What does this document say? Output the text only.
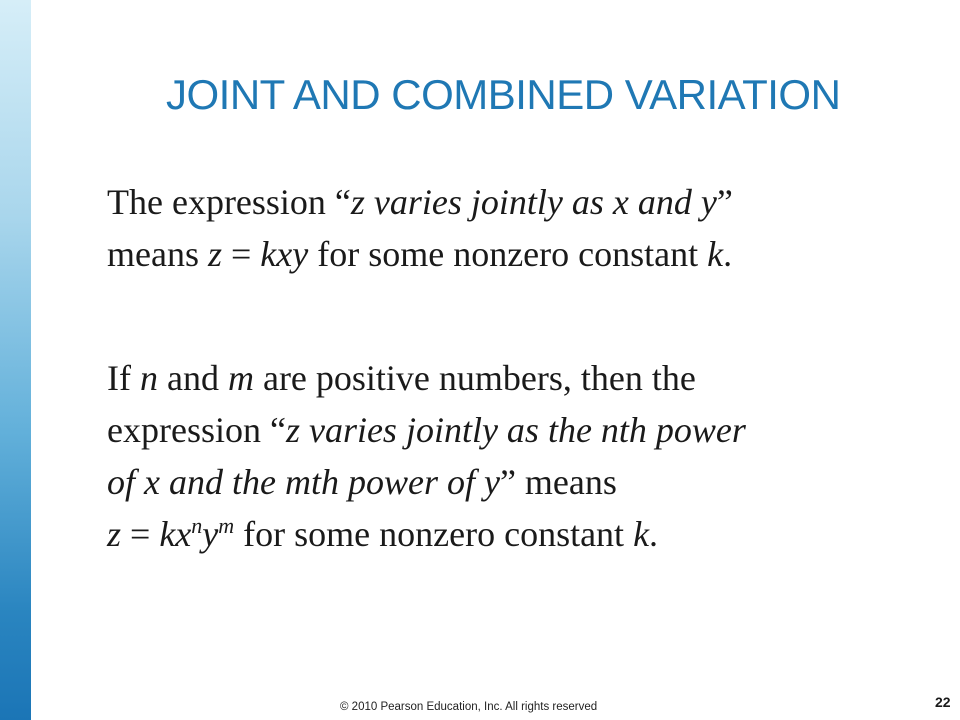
JOINT AND COMBINED VARIATION
The expression “z varies jointly as x and y”
means z = kxy for some nonzero constant k.
If n and m are positive numbers, then the
expression “z varies jointly as the nth power
of x and the mth power of y” means
$z = kx^ny^m$ for some nonzero constant k.
© 2010 Pearson Education, Inc. All rights reserved	22
